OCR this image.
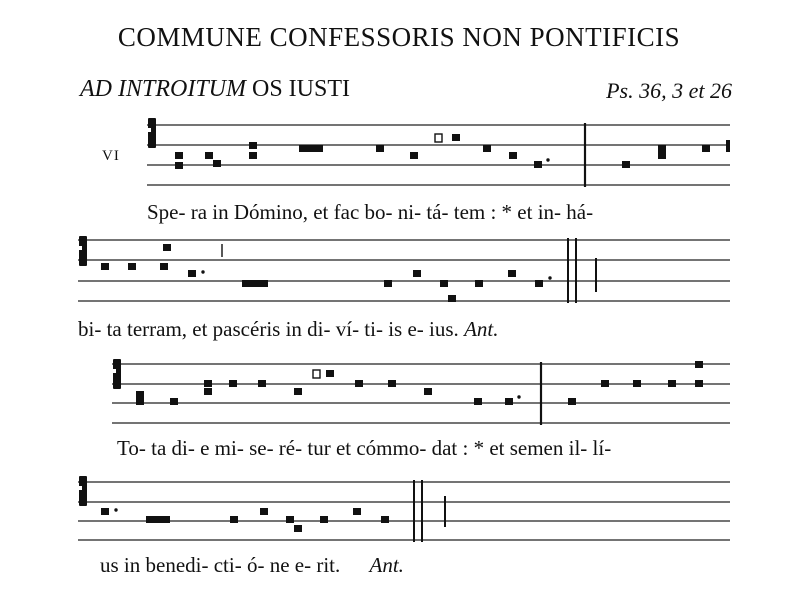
COMMUNE CONFESSORIS NON PONTIFICIS
AD INTROITUM OS IUSTI	Ps. 36, 3 et 26
VI
Spe- ra in Dómino, et fac bo- ni- tá- tem : * et in- há-
bi- ta terram, et pascéris in di- ví- ti- is e- ius. Ant.
To- ta di- e mi- se- ré- tur et cómmo- dat : * et semen il- lí-
us in benedi- cti- ó- ne e- rit. Ant.
